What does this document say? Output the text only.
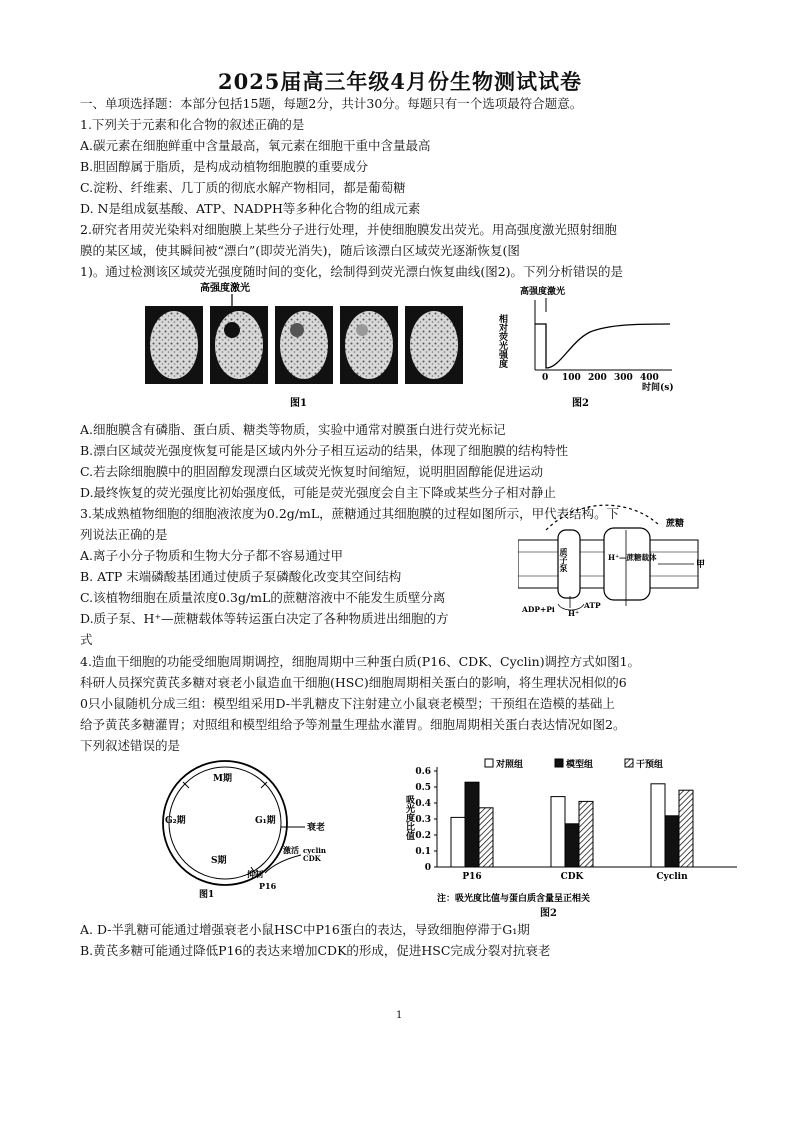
2025届高三年级4月份生物测试试卷
一、单项选择题：本部分包括15题，每题2分，共计30分。每题只有一个选项最符合题意。
1.下列关于元素和化合物的叙述正确的是
A.碳元素在细胞鲜重中含量最高，氧元素在细胞干重中含量最高
B.胆固醇属于脂质，是构成动植物细胞膜的重要成分
C.淀粉、纤维素、几丁质的彻底水解产物相同，都是葡萄糖
D. N是组成氨基酸、ATP、NADPH等多种化合物的组成元素
2.研究者用荧光染料对细胞膜上某些分子进行处理，并使细胞膜发出荧光。用高强度激光照射细胞
膜的某区域，使其瞬间被“漂白”(即荧光消失)，随后该漂白区域荧光逐渐恢复(图
1)。通过检测该区域荧光强度随时间的变化，绘制得到荧光漂白恢复曲线(图2)。下列分析错误的是
高强度激光
图1
高强度激光
相对荧光强度
0 100 200 300 400
时间(s)
图2
A.细胞膜含有磷脂、蛋白质、糖类等物质，实验中通常对膜蛋白进行荧光标记
B.漂白区域荧光强度恢复可能是区域内外分子相互运动的结果，体现了细胞膜的结构特性
C.若去除细胞膜中的胆固醇发现漂白区域荧光恢复时间缩短，说明胆固醇能促进运动
D.最终恢复的荧光强度比初始强度低，可能是荧光强度会自主下降或某些分子相对静止
3.某成熟植物细胞的细胞液浓度为0.2g/mL，蔗糖通过其细胞膜的过程如图所示，甲代表结构。下
列说法正确的是
A.离子小分子物质和生物大分子都不容易通过甲
B. ATP 末端磷酸基团通过使质子泵磷酸化改变其空间结构
C.该植物细胞在质量浓度0.3g/mL的蔗糖溶液中不能发生质壁分离
D.质子泵、H⁺—蔗糖载体等转运蛋白决定了各种物质进出细胞的方
式
蔗糖
质子泵	H⁺—蔗糖载体
甲
ADP+Pi	ATP
H⁺
4.造血干细胞的功能受细胞周期调控，细胞周期中三种蛋白质(P16、CDK、Cyclin)调控方式如图1。
科研人员探究黄芪多糖对衰老小鼠造血干细胞(HSC)细胞周期相关蛋白的影响，将生理状况相似的6
0只小鼠随机分成三组：模型组采用D-半乳糖皮下注射建立小鼠衰老模型；干预组在造模的基础上
给予黄芪多糖灌胃；对照组和模型组给予等剂量生理盐水灌胃。细胞周期相关蛋白表达情况如图2。
下列叙述错误的是
M期
G₂期	G₁期
S期
衰老
cyclin
CDK
激活
抑制
P16
图1
吸光度比值
对照组	模型组	干预组
0
0.1
0.2
0.3
0.4
0.5
0.6
P16	CDK	Cyclin
注：吸光度比值与蛋白质含量呈正相关
图2
A. D-半乳糖可能通过增强衰老小鼠HSC中P16蛋白的表达，导致细胞停滞于G₁期
B.黄芪多糖可能通过降低P16的表达来增加CDK的形成，促进HSC完成分裂对抗衰老
1
